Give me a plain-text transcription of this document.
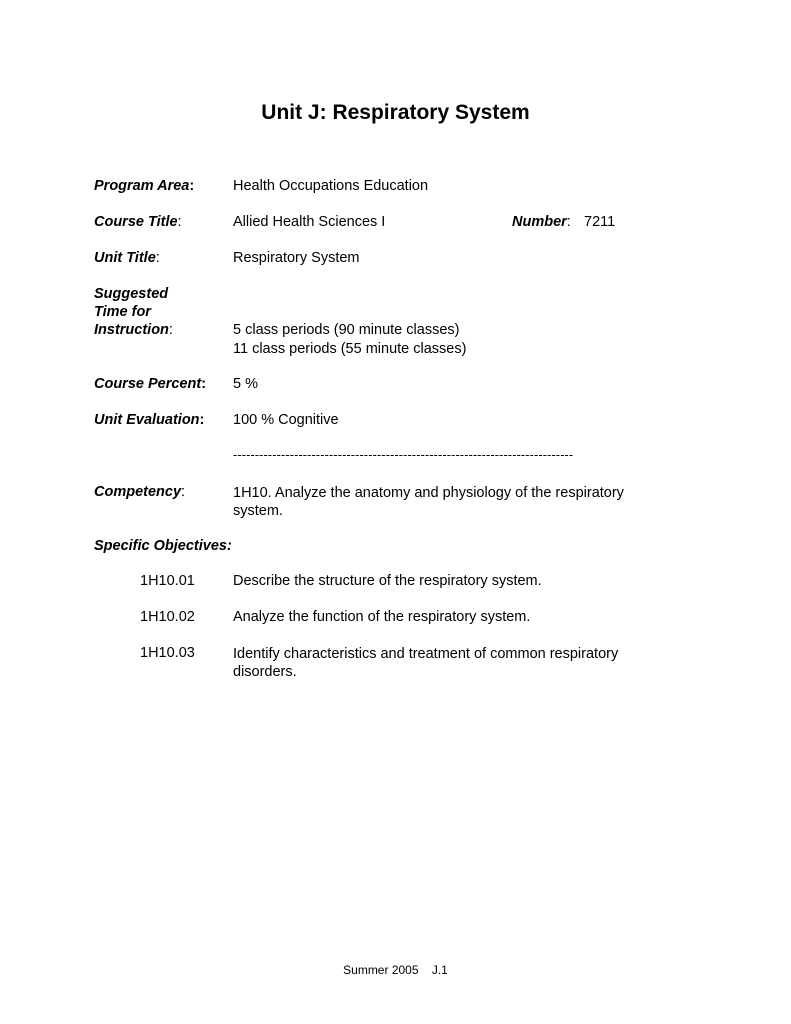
Unit J: Respiratory System
Program Area:	Health Occupations Education
Course Title:	Allied Health Sciences I	Number: 7211
Unit Title:	Respiratory System
Suggested
Time for
Instruction:	5 class periods (90 minute classes)
11 class periods (55 minute classes)
Course Percent: 5 %
Unit Evaluation: 100 % Cognitive
------------------------------------------------------------------------------
Competency:	1H10. Analyze the anatomy and physiology of the respiratory system.
Specific Objectives:
1H10.01	Describe the structure of the respiratory system.
1H10.02	Analyze the function of the respiratory system.
1H10.03	Identify characteristics and treatment of common respiratory disorders.
Summer 2005    J.1
